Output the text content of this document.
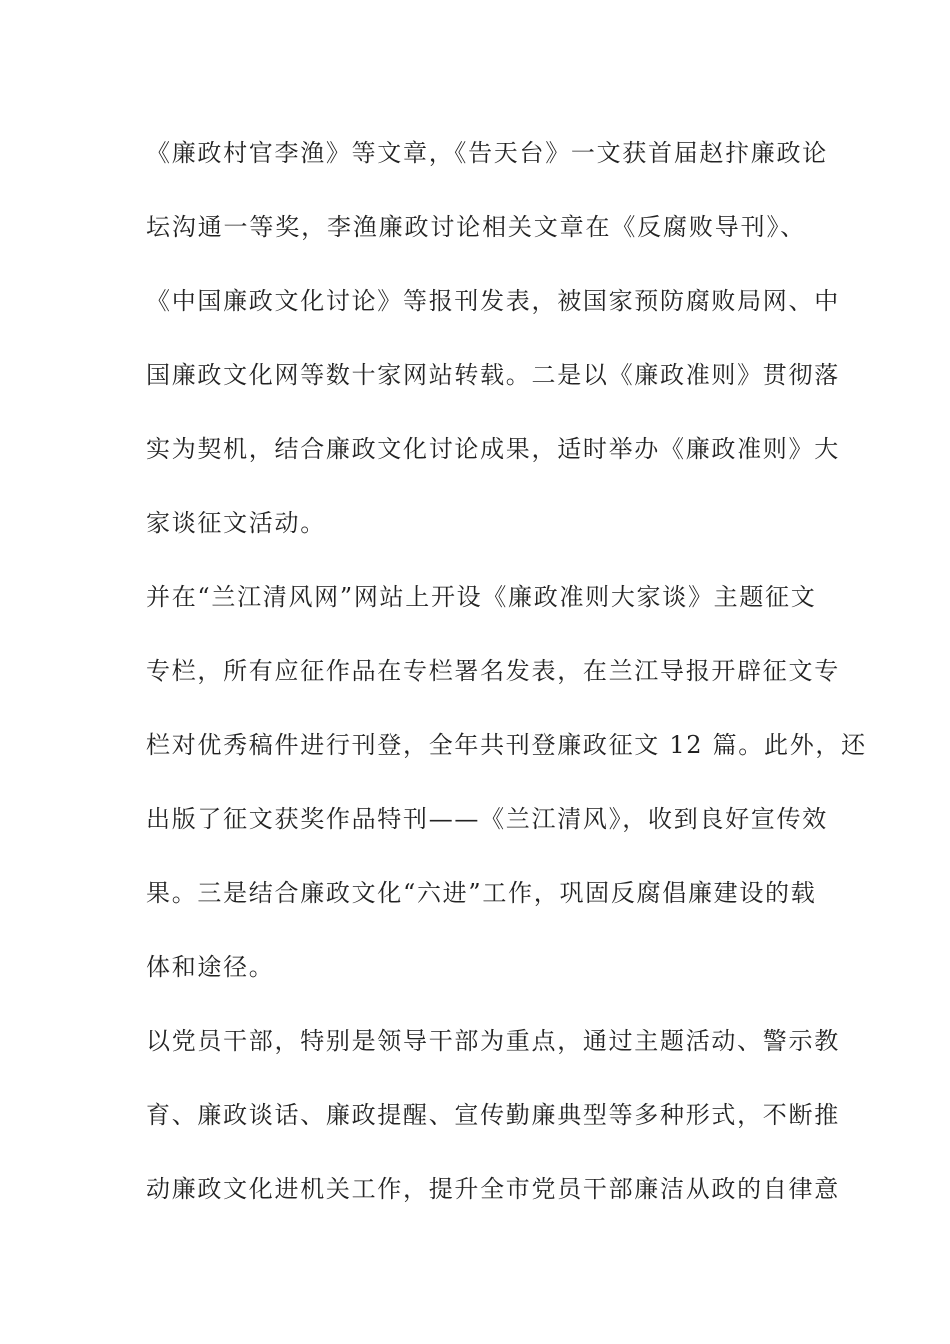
《廉政村官李渔》等文章，《告天台》一文获首届赵抃廉政论
坛沟通一等奖，李渔廉政讨论相关文章在《反腐败导刊》、
《中国廉政文化讨论》等报刊发表，被国家预防腐败局网、中
国廉政文化网等数十家网站转载。二是以《廉政准则》贯彻落
实为契机，结合廉政文化讨论成果，适时举办《廉政准则》大
家谈征文活动。
并在“兰江清风网”网站上开设《廉政准则大家谈》主题征文
专栏，所有应征作品在专栏署名发表，在兰江导报开辟征文专
栏对优秀稿件进行刊登，全年共刊登廉政征文 12 篇。此外，还
出版了征文获奖作品特刊——《兰江清风》，收到良好宣传效
果。三是结合廉政文化“六进”工作，巩固反腐倡廉建设的载
体和途径。
以党员干部，特别是领导干部为重点，通过主题活动、警示教
育、廉政谈话、廉政提醒、宣传勤廉典型等多种形式，不断推
动廉政文化进机关工作，提升全市党员干部廉洁从政的自律意
